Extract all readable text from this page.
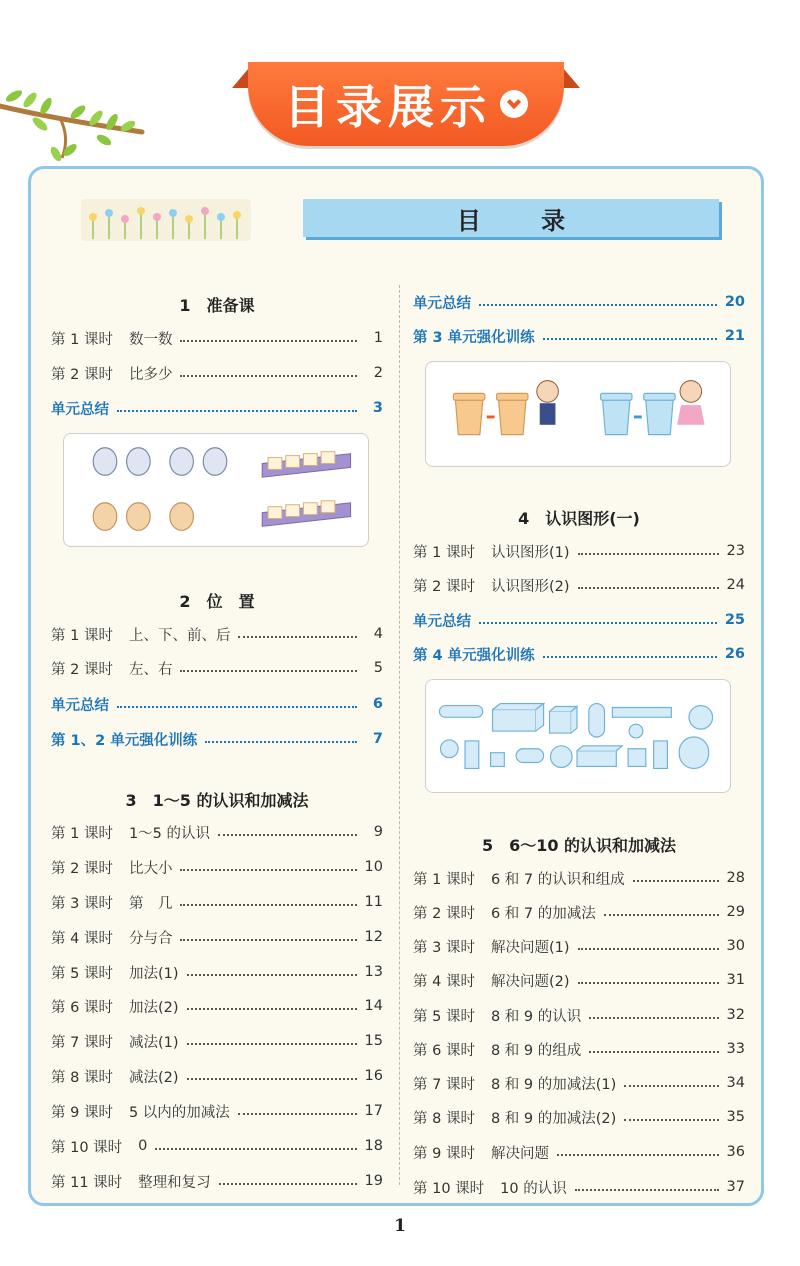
目录展示
目 录
1　准备课
第 1 课时 数一数	1
第 2 课时 比多少	2
单元总结	3
2　位　置
第 1 课时 上、下、前、后	4
第 2 课时 左、右	5
单元总结	6
第 1、2 单元强化训练	7
3　1～5 的认识和加减法
第 1 课时 1～5 的认识	9
第 2 课时 比大小	10
第 3 课时 第　几	11
第 4 课时 分与合	12
第 5 课时 加法(1)	13
第 6 课时 加法(2)	14
第 7 课时 减法(1)	15
第 8 课时 减法(2)	16
第 9 课时 5 以内的加减法	17
第 10 课时 0	18
第 11 课时 整理和复习	19
单元总结	20
第 3 单元强化训练	21
4　认识图形(一)
第 1 课时 认识图形(1)	23
第 2 课时 认识图形(2)	24
单元总结	25
第 4 单元强化训练	26
5　6～10 的认识和加减法
第 1 课时 6 和 7 的认识和组成	28
第 2 课时 6 和 7 的加减法	29
第 3 课时 解决问题(1)	30
第 4 课时 解决问题(2)	31
第 5 课时 8 和 9 的认识	32
第 6 课时 8 和 9 的组成	33
第 7 课时 8 和 9 的加减法(1)	34
第 8 课时 8 和 9 的加减法(2)	35
第 9 课时 解决问题	36
第 10 课时 10 的认识	37
1
